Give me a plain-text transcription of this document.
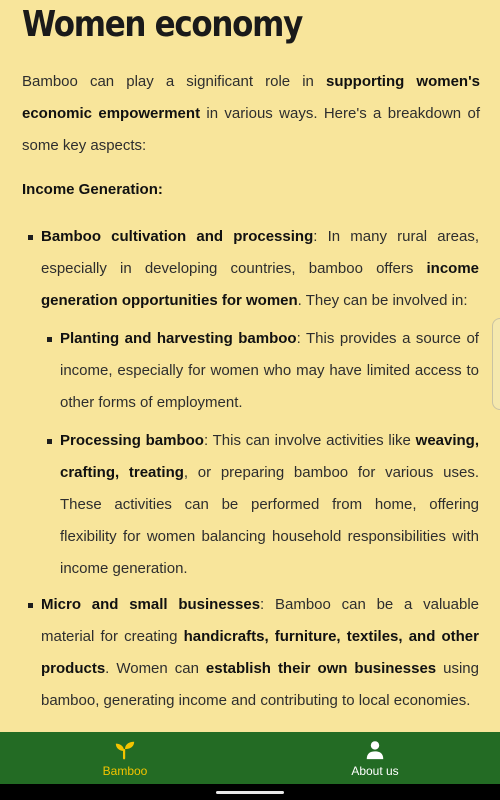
Women economy

Bamboo can play a significant role in supporting women's economic empowerment in various ways. Here's a breakdown of some key aspects:

Income Generation:

Bamboo cultivation and processing: In many rural areas, especially in developing countries, bamboo offers income generation opportunities for women. They can be involved in:

Planting and harvesting bamboo: This provides a source of income, especially for women who may have limited access to other forms of employment.

Processing bamboo: This can involve activities like weaving, crafting, treating, or preparing bamboo for various uses. These activities can be performed from home, offering flexibility for women balancing household responsibilities with income generation.

Micro and small businesses: Bamboo can be a valuable material for creating handicrafts, furniture, textiles, and other products. Women can establish their own businesses using bamboo, generating income and contributing to local economies.

Bamboo	About us
